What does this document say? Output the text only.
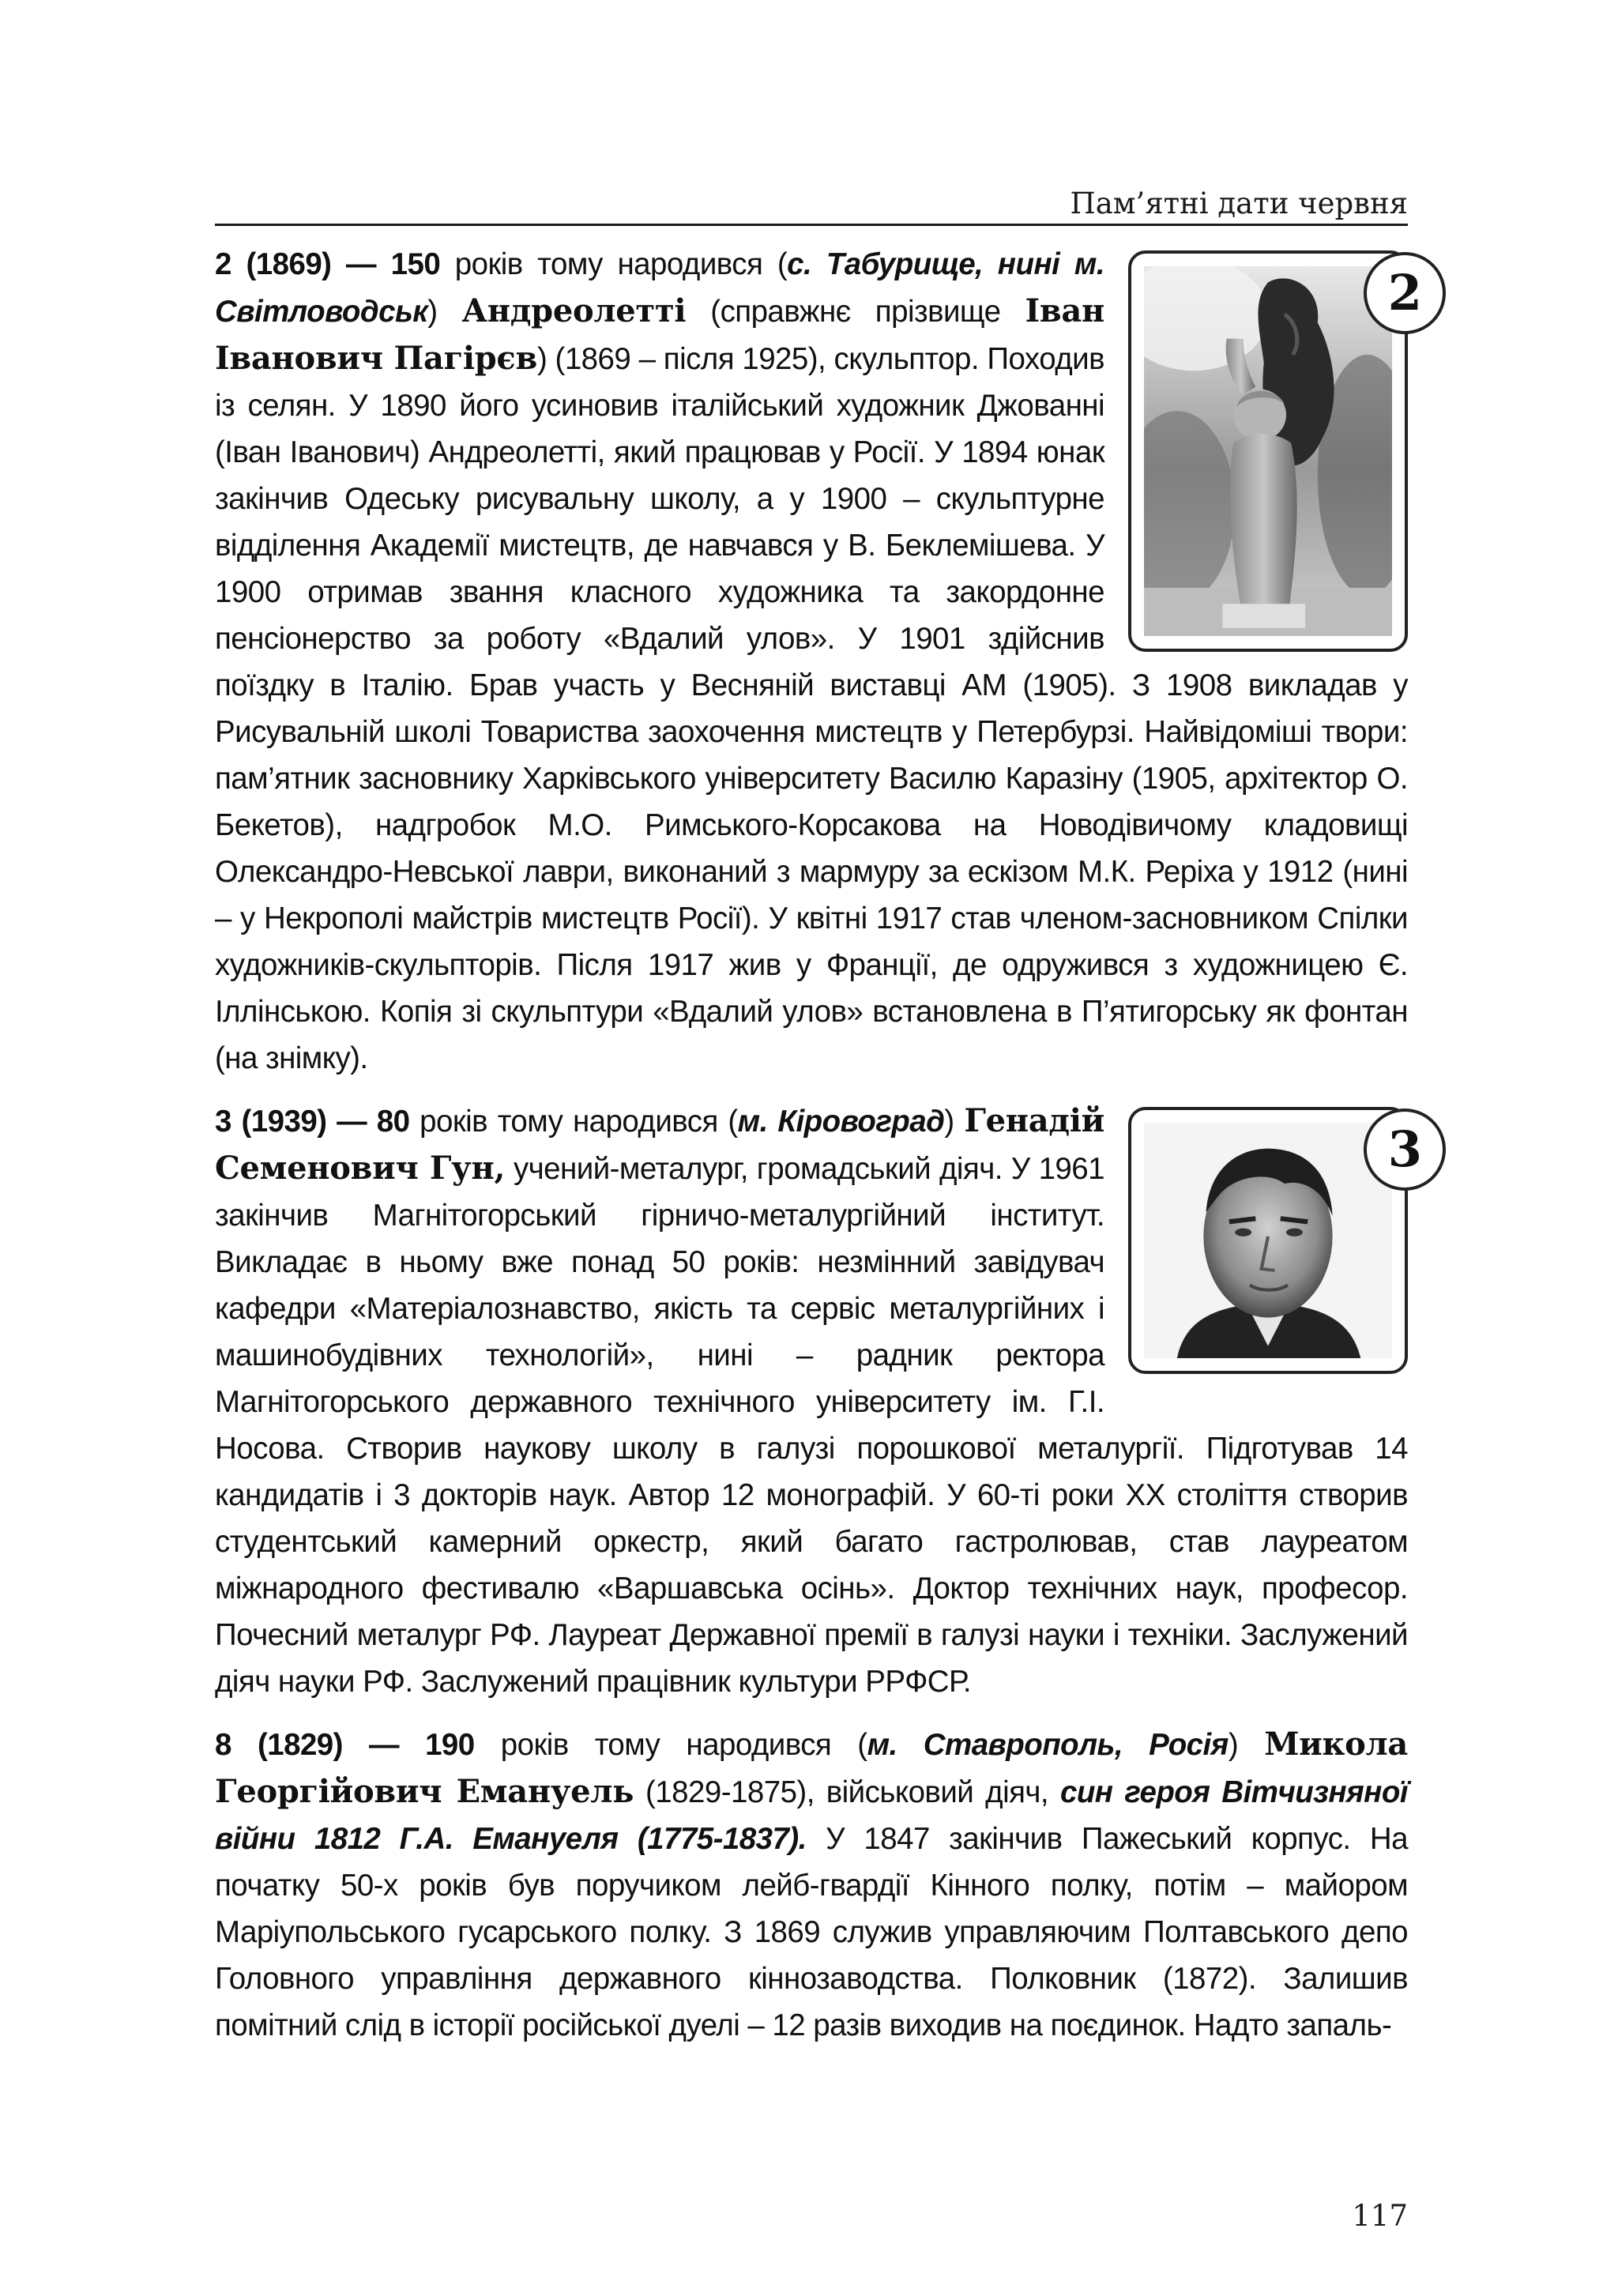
Пам’ятні дати червня

2
2 (1869) — 150 років тому народився (с. Табурище, нині м. Світловодськ) Андреолетті (справжнє прізвище Іван Іванович Пагірєв) (1869 – після 1925), скульптор. Походив із селян. У 1890 його усиновив італійський художник Джованні (Іван Іванович) Андреолетті, який працював у Росії. У 1894 юнак закінчив Одеську рисувальну школу, а у 1900 – скульптурне відділення Академії мистецтв, де навчався у В. Беклемішева. У 1900 отримав звання класного художника та закордонне пенсіонерство за роботу «Вдалий улов». У 1901 здійснив поїздку в Італію. Брав участь у Весняній виставці АМ (1905). З 1908 викладав у Рисувальній школі Товариства заохочення мистецтв у Петербурзі. Найвідоміші твори: пам’ятник засновнику Харківського університету Василю Каразіну (1905, архітектор О. Бекетов), надгробок М.О. Римського-Корсакова на Новодівичому кладовищі Олександро-Невської лаври, виконаний з мармуру за ескізом М.К. Реріха у 1912 (нині – у Некрополі майстрів мистецтв Росії). У квітні 1917 став членом-засновником Спілки художників-скульпторів. Після 1917 жив у Франції, де одружився з художницею Є. Іллінською. Копія зі скульптури «Вдалий улов» встановлена в П’ятигорську як фонтан (на знімку).

3
3 (1939) — 80 років тому народився (м. Кіровоград) Генадій Семенович Гун, учений-металург, громадський діяч. У 1961 закінчив Магнітогорський гірничо-металургійний інститут. Викладає в ньому вже понад 50 років: незмінний завідувач кафедри «Матеріалознавство, якість та сервіс металургійних і машинобудівних технологій», нині – радник ректора Магнітогорського державного технічного університету ім. Г.І. Носова. Створив наукову школу в галузі порошкової металургії. Підготував 14 кандидатів і 3 докторів наук. Автор 12 монографій. У 60-ті роки XX століття створив студентський камерний оркестр, який багато гастролював, став лауреатом міжнародного фестивалю «Варшавська осінь». Доктор технічних наук, професор. Почесний металург РФ. Лауреат Державної премії в галузі науки і техніки. Заслужений діяч науки РФ. Заслужений працівник культури РРФСР.

8 (1829) — 190 років тому народився (м. Ставрополь, Росія) Микола Георгійович Емануель (1829-1875), військовий діяч, син героя Вітчизняної війни 1812 Г.А. Емануеля (1775-1837). У 1847 закінчив Пажеський корпус. На початку 50-х років був поручиком лейб-гвардії Кінного полку, потім – майором Маріупольського гусарського полку. З 1869 служив управляючим Полтавського депо Головного управління державного кіннозаводства. Полковник (1872). Залишив помітний слід в історії російської дуелі – 12 разів виходив на поєдинок. Надто запаль-

117
